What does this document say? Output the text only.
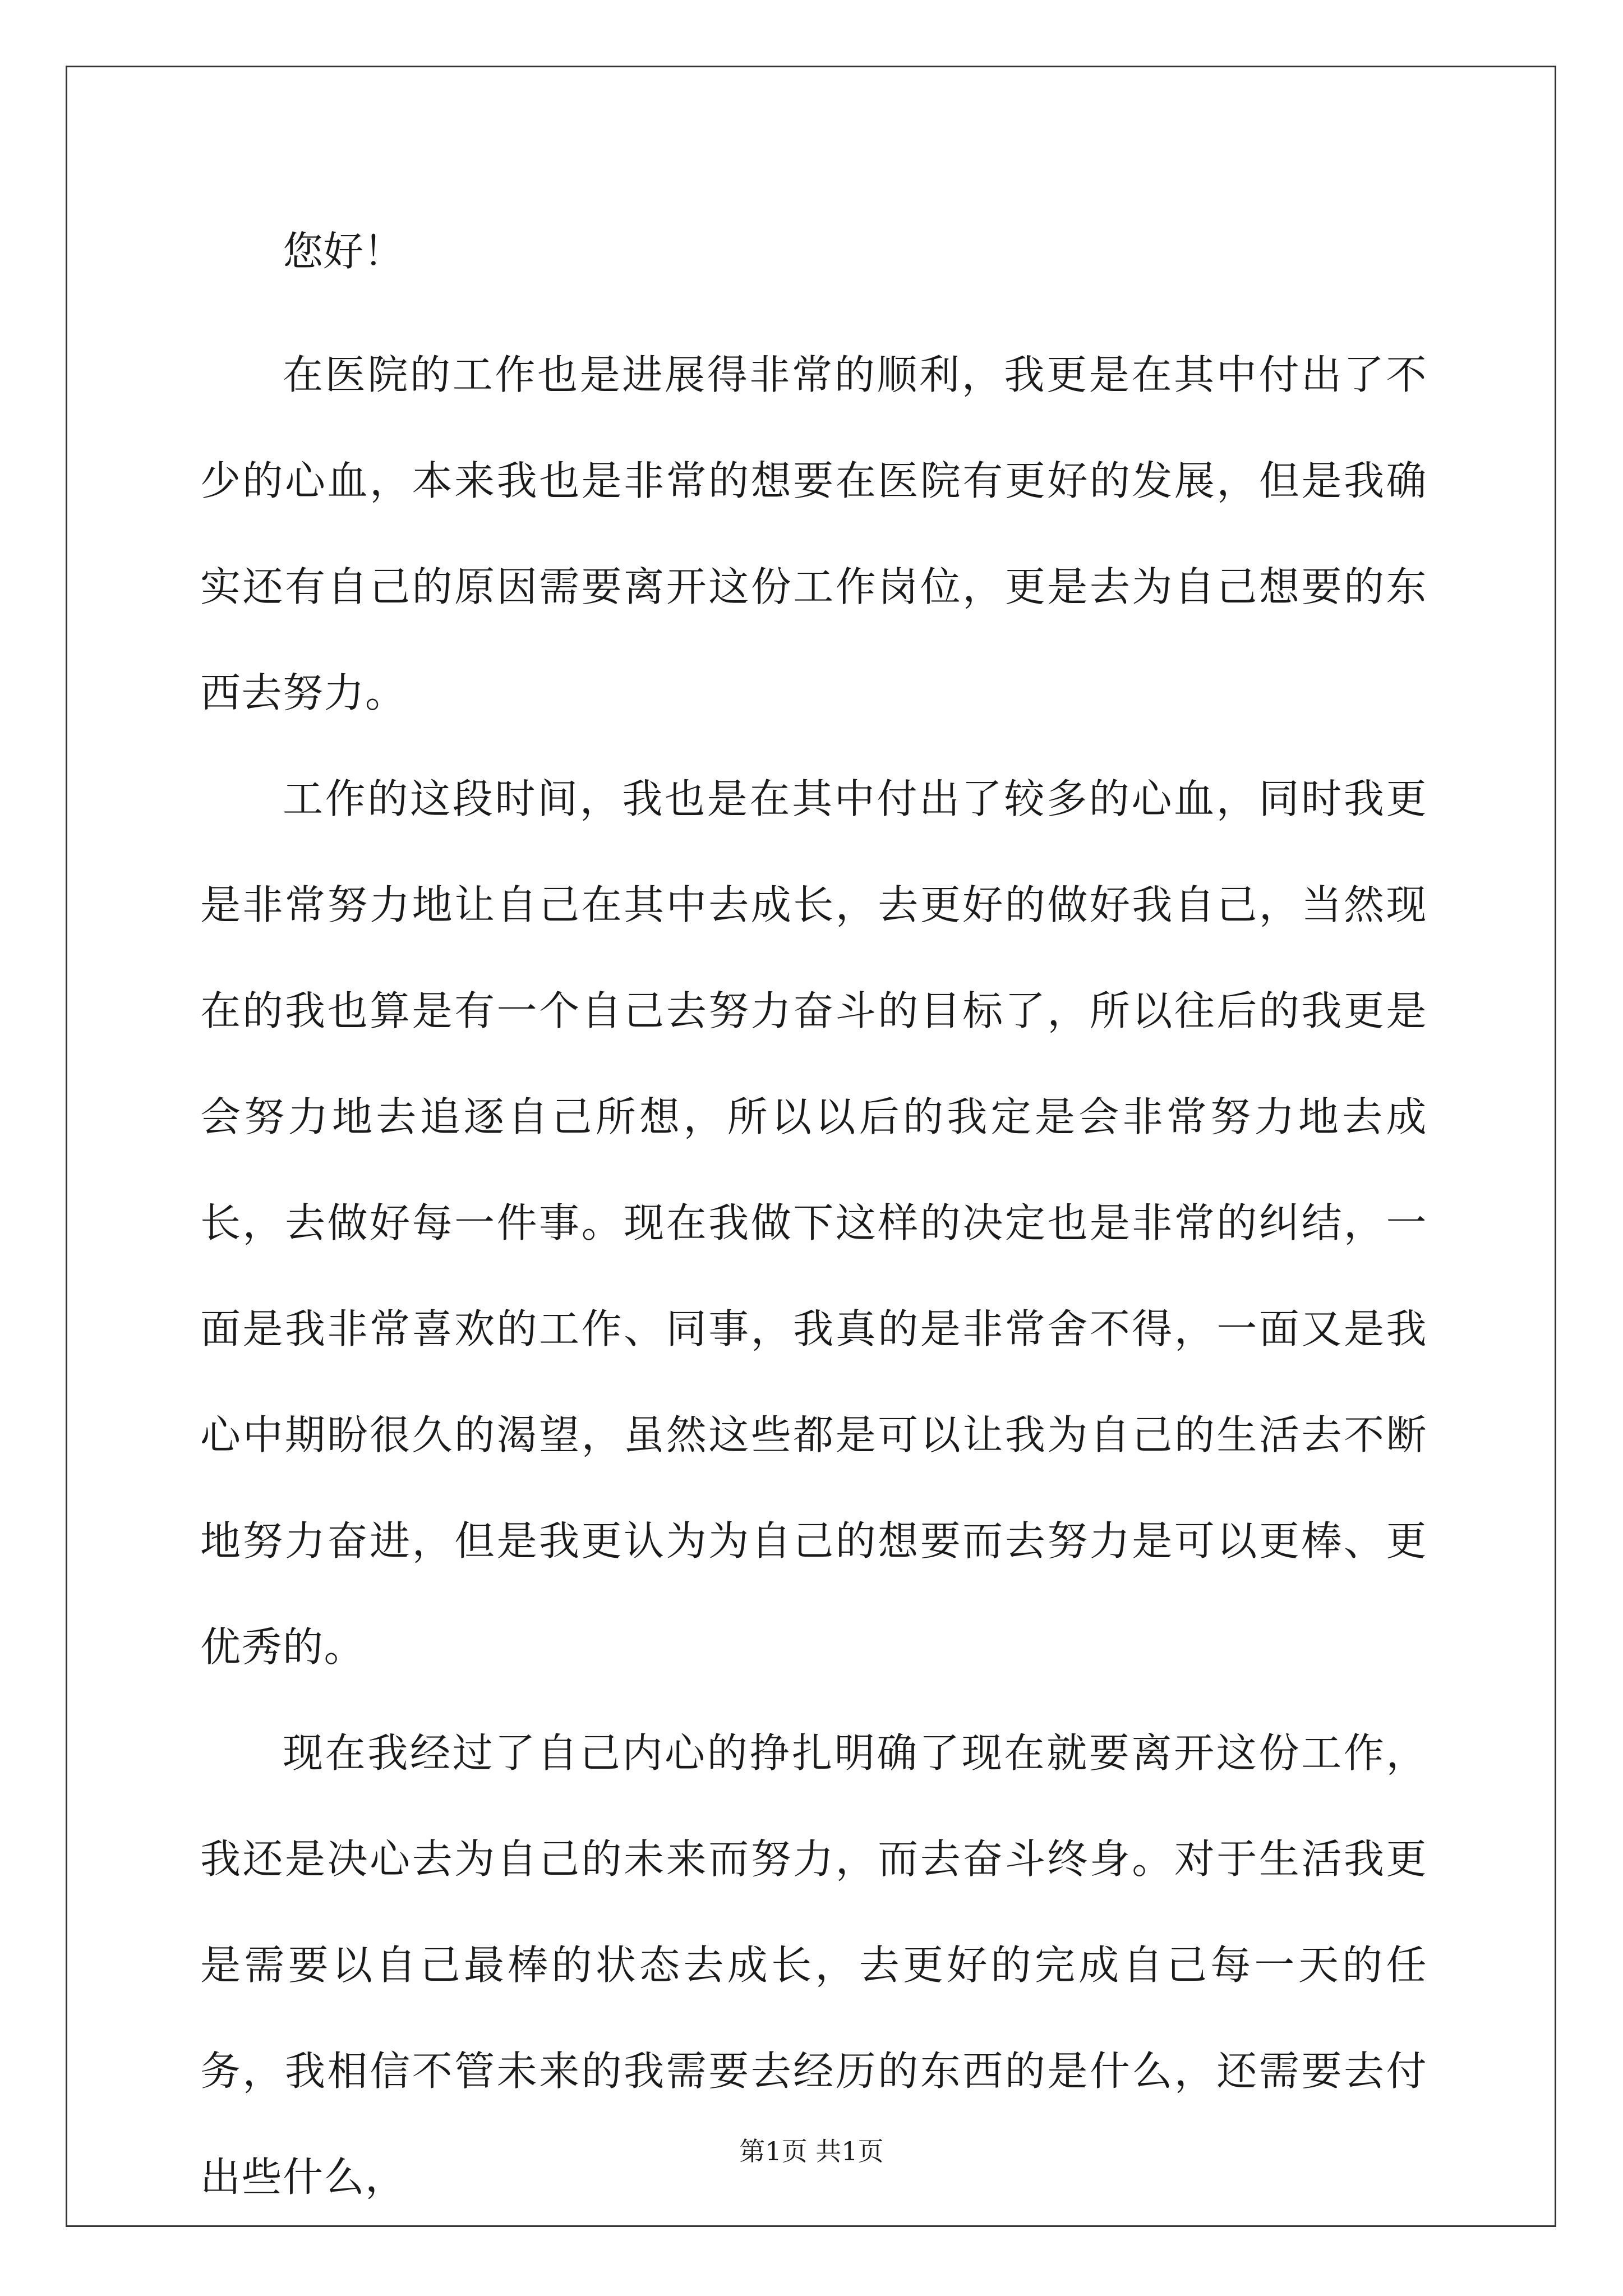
您好！

在医院的工作也是进展得非常的顺利，我更是在其中付出了不少的心血，本来我也是非常的想要在医院有更好的发展，但是我确实还有自己的原因需要离开这份工作岗位，更是去为自己想要的东西去努力。

工作的这段时间，我也是在其中付出了较多的心血，同时我更是非常努力地让自己在其中去成长，去更好的做好我自己，当然现在的我也算是有一个自己去努力奋斗的目标了，所以往后的我更是会努力地去追逐自己所想，所以以后的我定是会非常努力地去成长，去做好每一件事。现在我做下这样的决定也是非常的纠结，一面是我非常喜欢的工作、同事，我真的是非常舍不得，一面又是我心中期盼很久的渴望，虽然这些都是可以让我为自己的生活去不断地努力奋进，但是我更认为为自己的想要而去努力是可以更棒、更优秀的。

现在我经过了自己内心的挣扎明确了现在就要离开这份工作，我还是决心去为自己的未来而努力，而去奋斗终身。对于生活我更是需要以自己最棒的状态去成长，去更好的完成自己每一天的任务，我相信不管未来的我需要去经历的东西的是什么，还需要去付出些什么，

第1页 共1页
